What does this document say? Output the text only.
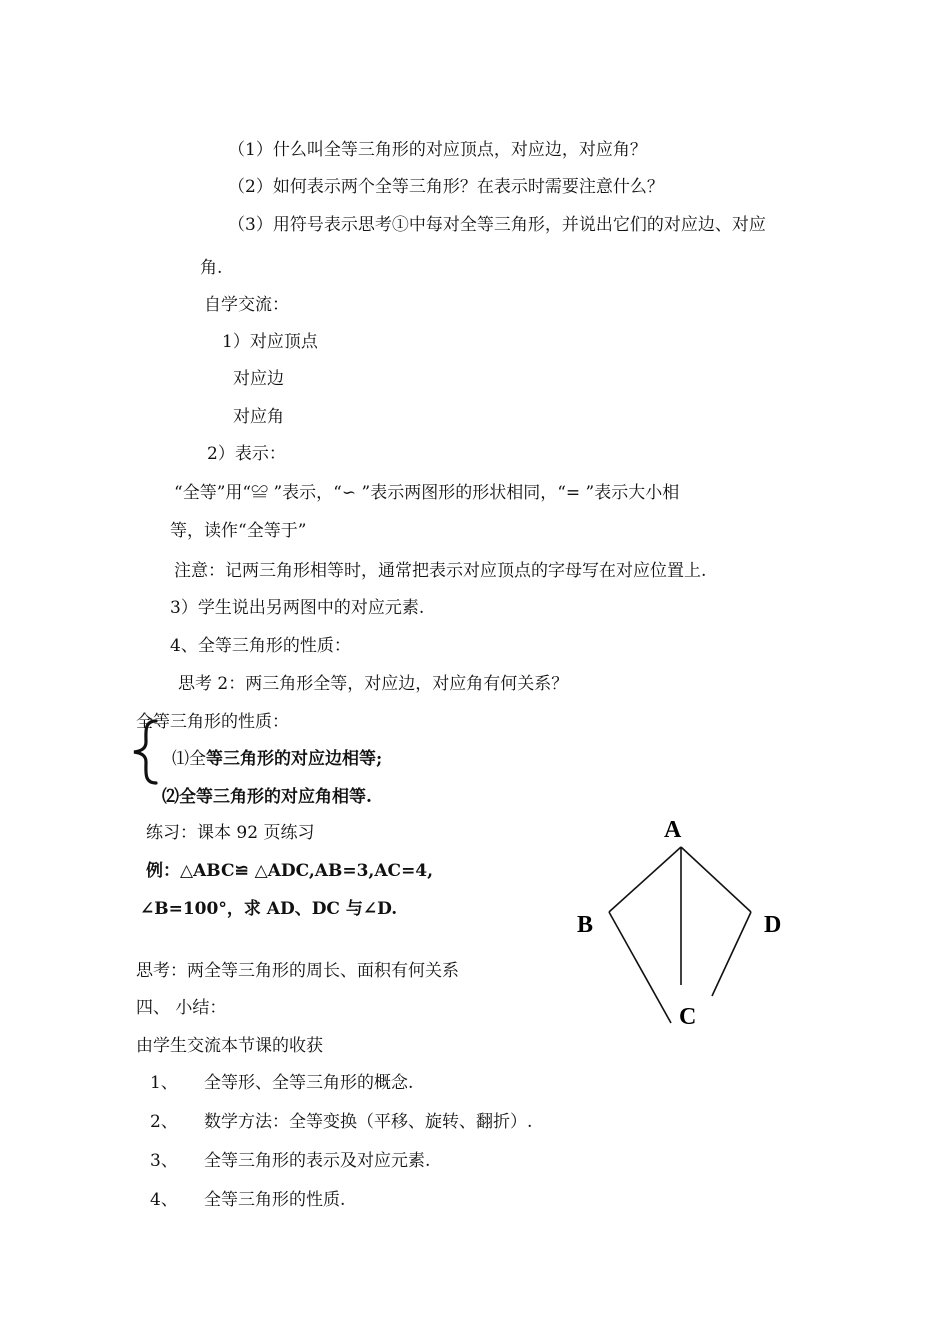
（1）什么叫全等三角形的对应顶点，对应边，对应角？
（2）如何表示两个全等三角形？在表示时需要注意什么？
（3）用符号表示思考①中每对全等三角形，并说出它们的对应边、对应
角.
自学交流：
1）对应顶点
对应边
对应角
2）表示：
“全等”用“≌ ”表示，“∽ ”表示两图形的形状相同，“= ”表示大小相
等，读作“全等于”
注意：记两三角形相等时，通常把表示对应顶点的字母写在对应位置上.
3）学生说出另两图中的对应元素.
4、全等三角形的性质：
思考 2：两三角形全等，对应边，对应角有何关系？
全等三角形的性质：
⑴全等三角形的对应边相等;
⑵全等三角形的对应角相等.
练习：课本 92 页练习
例：△ABC≌ △ADC,AB=3,AC=4,
∠B=100°，求 AD、DC 与∠D.
思考：两全等三角形的周长、面积有何关系
四、 小结：
由学生交流本节课的收获
1、 全等形、全等三角形的概念.
2、 数学方法：全等变换（平移、旋转、翻折）.
3、 全等三角形的表示及对应元素.
4、 全等三角形的性质.
A
B
C
D
